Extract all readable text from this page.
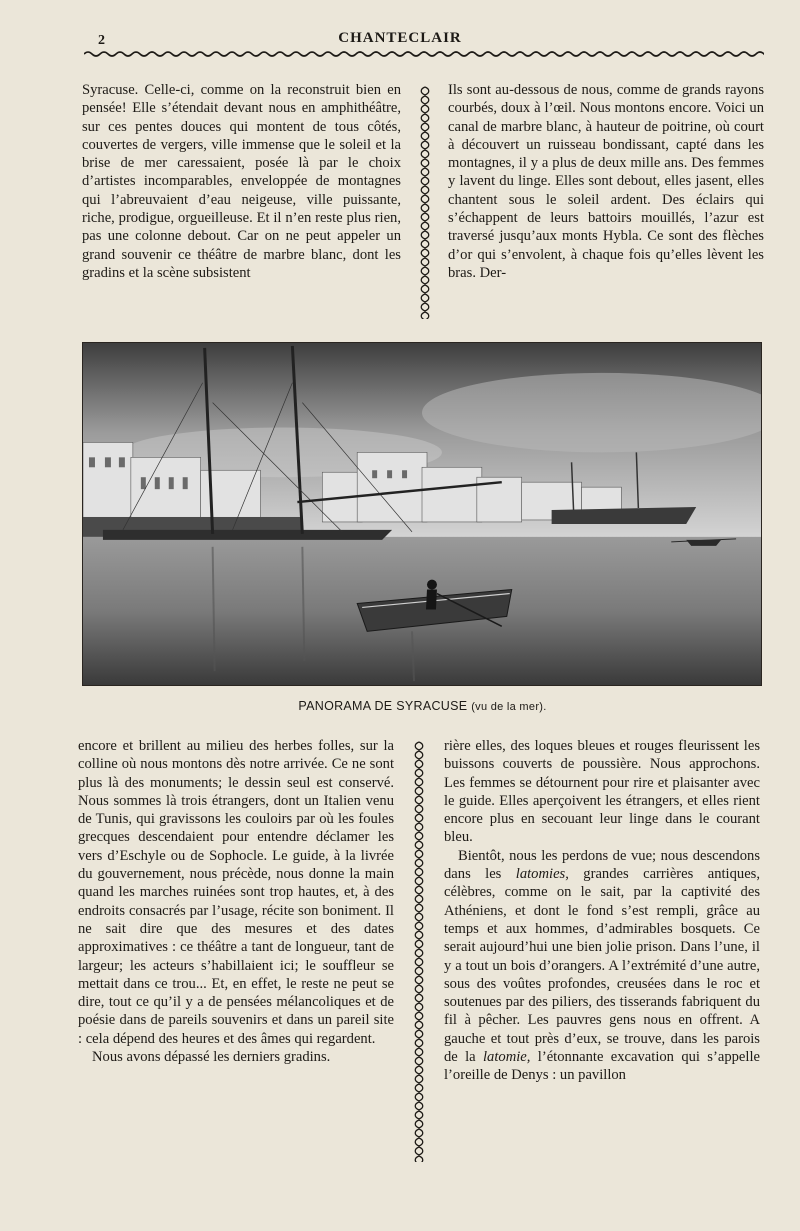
2	CHANTECLAIR

Syracuse. Celle-ci, comme on la reconstruit bien en pensée! Elle s’étendait devant nous en amphithéâtre, sur ces pentes douces qui montent de tous côtés, couvertes de vergers, ville immense que le soleil et la brise de mer caressaient, posée là par le choix d’artistes incomparables, enveloppée de montagnes qui l’abreuvaient d’eau neigeuse, ville puissante, riche, prodigue, orgueilleuse. Et il n’en reste plus rien, pas une colonne debout. Car on ne peut appeler un grand souvenir ce théâtre de marbre blanc, dont les gradins et la scène subsistent

Ils sont au-dessous de nous, comme de grands rayons courbés, doux à l’œil. Nous montons encore. Voici un canal de marbre blanc, à hauteur de poitrine, où court à découvert un ruisseau bondissant, capté dans les montagnes, il y a plus de deux mille ans. Des femmes y lavent du linge. Elles sont debout, elles jasent, elles chantent sous le soleil ardent. Des éclairs qui s’échappent de leurs battoirs mouillés, l’azur est traversé jusqu’aux monts Hybla. Ce sont des flèches d’or qui s’envolent, à chaque fois qu’elles lèvent les bras. Der-

PANORAMA DE SYRACUSE (vu de la mer).

encore et brillent au milieu des herbes folles, sur la colline où nous montons dès notre arrivée. Ce ne sont plus là des monuments; le dessin seul est conservé. Nous sommes là trois étrangers, dont un Italien venu de Tunis, qui gravissons les couloirs par où les foules grecques descendaient pour entendre déclamer les vers d’Eschyle ou de Sophocle. Le guide, à la livrée du gouvernement, nous précède, nous donne la main quand les marches ruinées sont trop hautes, et, à des endroits consacrés par l’usage, récite son boniment. Il ne sait dire que des mesures et des dates approximatives : ce théâtre a tant de longueur, tant de largeur; les acteurs s’habillaient ici; le souffleur se mettait dans ce trou... Et, en effet, le reste ne peut se dire, tout ce qu’il y a de pensées mélancoliques et de poésie dans de pareils souvenirs et dans un pareil site : cela dépend des heures et des âmes qui regardent.

Nous avons dépassé les derniers gradins.

rière elles, des loques bleues et rouges fleurissent les buissons couverts de poussière. Nous approchons. Les femmes se détournent pour rire et plaisanter avec le guide. Elles aperçoivent les étrangers, et elles rient encore plus en secouant leur linge dans le courant bleu.

Bientôt, nous les perdons de vue; nous descendons dans les latomies, grandes carrières antiques, célèbres, comme on le sait, par la captivité des Athéniens, et dont le fond s’est rempli, grâce au temps et aux hommes, d’admirables bosquets. Ce serait aujourd’hui une bien jolie prison. Dans l’une, il y a tout un bois d’orangers. A l’extrémité d’une autre, sous des voûtes profondes, creusées dans le roc et soutenues par des piliers, des tisserands fabriquent du fil à pêcher. Les pauvres gens nous en offrent. A gauche et tout près d’eux, se trouve, dans les parois de la latomie, l’étonnante excavation qui s’appelle l’oreille de Denys : un pavillon
